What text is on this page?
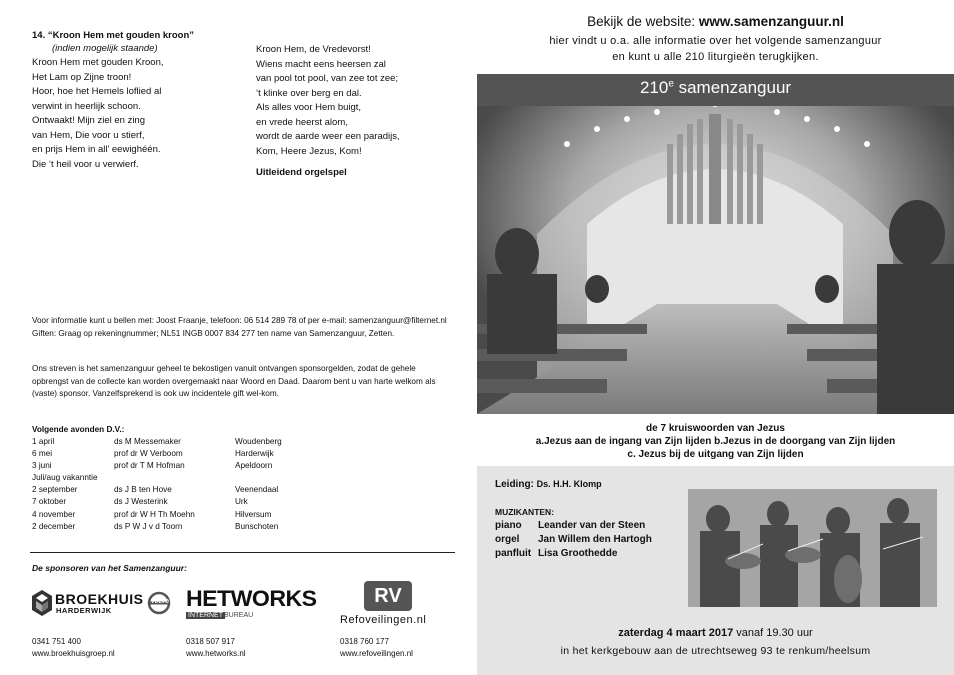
14. “Kroon Hem met gouden kroon”
(indien mogelijk staande)
Kroon Hem met gouden Kroon,
Het Lam op Zijne troon!
Hoor, hoe het Hemels loflied al
verwint in heerlijk schoon.
Ontwaakt! Mijn ziel en zing
van Hem, Die voor u stierf,
en prijs Hem in all’ eewighéén.
Die ‘t heil voor u verwierf.
Kroon Hem, de Vredevorst!
Wiens macht eens heersen zal
van pool tot pool, van zee tot zee;
‘t klinke over berg en dal.
Als alles voor Hem buigt,
en vrede heerst alom,
wordt de aarde weer een paradijs,
Kom, Heere Jezus, Kom!
Uitleidend orgelspel
Voor informatie kunt u bellen met: Joost Fraanje, telefoon: 06 514 289 78 of per e-mail: samenzanguur@filternet.nl Giften: Graag op rekeningnummer; NL51 INGB 0007 834 277 ten name van Samenzanguur, Zetten.
Ons streven is het samenzanguur geheel te bekostigen vanuit ontvangen sponsorgelden, zodat de gehele opbrengst van de collecte kan worden overgemaakt naar Woord en Daad. Daarom bent u van harte welkom als (vaste) sponsor. Vanzelfsprekend is ook uw incidentele gift wel-kom.
Volgende avonden D.V.:
1 april	ds M Messemaker	Woudenberg
6 mei	prof dr W Verboom	Harderwijk
3 juni	prof dr T M Hofman	Apeldoorn
Juli/aug vakanntie
2 september	ds J B ten Hove	Veenendaal
7 oktober	ds J Westerink	Urk
4 november	prof dr W H Th Moehn	Hilversum
2 december	ds P W J v d Toorn	Bunschoten
De sponsoren van het Samenzanguur:
BROEKHUIS
HARDERWIJK
VOLVO HETWORKS
INTERNET BUREAU
RV
Refoveilingen.nl
0341 751 400
www.broekhuisgroep.nl
0318 507 917
www.hetworks.nl
0318 760 177
www.refoveilingen.nl
Bekijk de website: www.samenzanguur.nl
hier vindt u o.a. alle informatie over het volgende samenzanguur
en kunt u alle 210 liturgieën terugkijken.
210e samenzanguur
de 7 kruiswoorden van Jezus
a.Jezus aan de ingang van Zijn lijden b.Jezus in de doorgang van Zijn lijden
c. Jezus bij de uitgang van Zijn lijden
Leiding: Ds. H.H. Klomp
MUZIKANTEN:
piano Leander van der Steen
orgel Jan Willem den Hartogh
panfluit Lisa Groothedde
zaterdag 4 maart 2017 vanaf 19.30 uur
in het kerkgebouw aan de utrechtseweg 93 te renkum/heelsum
